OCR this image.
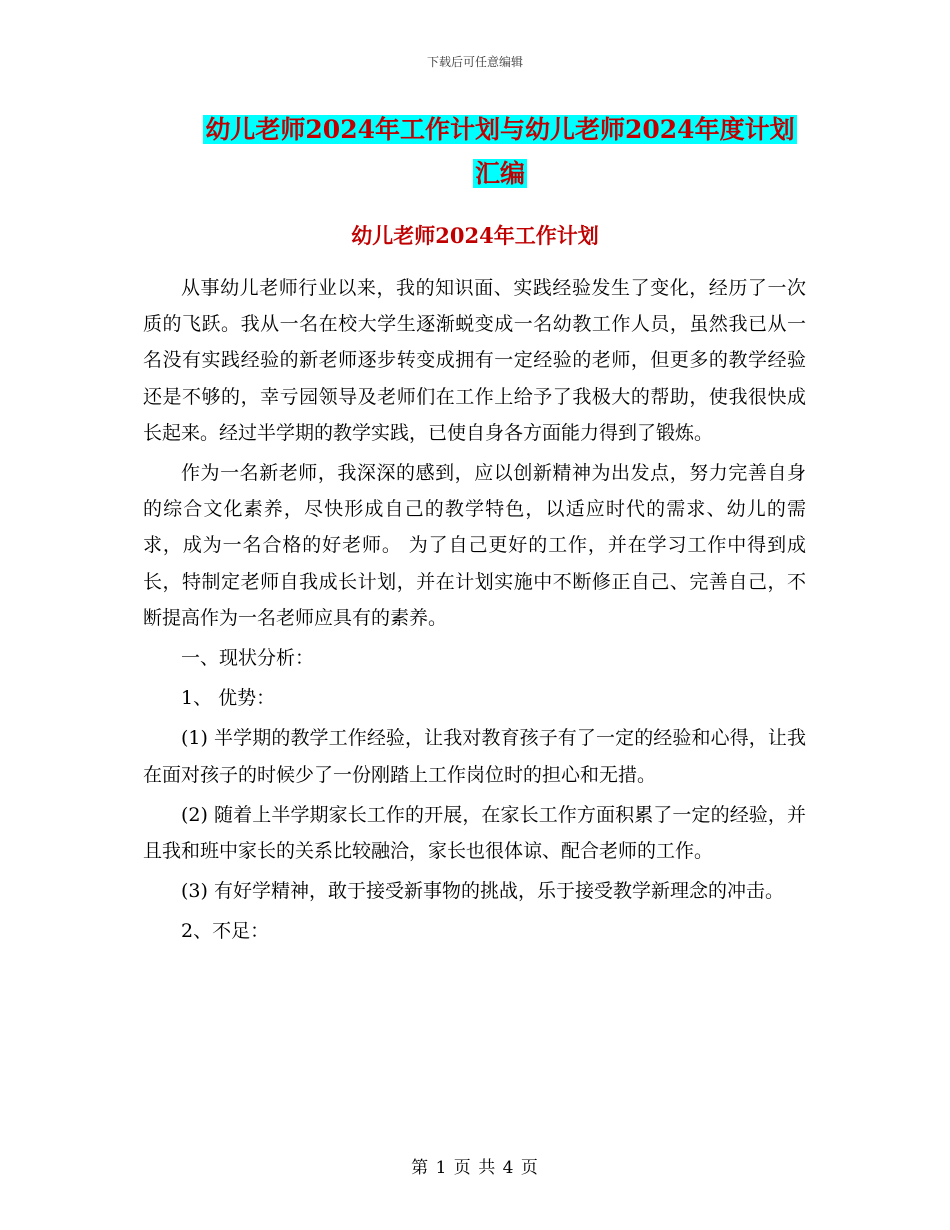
下载后可任意编辑
幼儿老师2024年工作计划与幼儿老师2024年度计划
汇编
幼儿老师2024年工作计划

从事幼儿老师行业以来，我的知识面、实践经验发生了变化，经历了一次质的飞跃。我从一名在校大学生逐渐蜕变成一名幼教工作人员，虽然我已从一名没有实践经验的新老师逐步转变成拥有一定经验的老师，但更多的教学经验还是不够的，幸亏园领导及老师们在工作上给予了我极大的帮助，使我很快成长起来。经过半学期的教学实践，已使自身各方面能力得到了锻炼。

作为一名新老师，我深深的感到，应以创新精神为出发点，努力完善自身的综合文化素养，尽快形成自己的教学特色，以适应时代的需求、幼儿的需求，成为一名合格的好老师。 为了自己更好的工作，并在学习工作中得到成长，特制定老师自我成长计划，并在计划实施中不断修正自己、完善自己，不断提高作为一名老师应具有的素养。

一、现状分析：

1、 优势：

(1) 半学期的教学工作经验，让我对教育孩子有了一定的经验和心得，让我在面对孩子的时候少了一份刚踏上工作岗位时的担心和无措。

(2) 随着上半学期家长工作的开展，在家长工作方面积累了一定的经验，并且我和班中家长的关系比较融洽，家长也很体谅、配合老师的工作。

(3) 有好学精神，敢于接受新事物的挑战，乐于接受教学新理念的冲击。

2、不足：

第 1 页 共 4 页
